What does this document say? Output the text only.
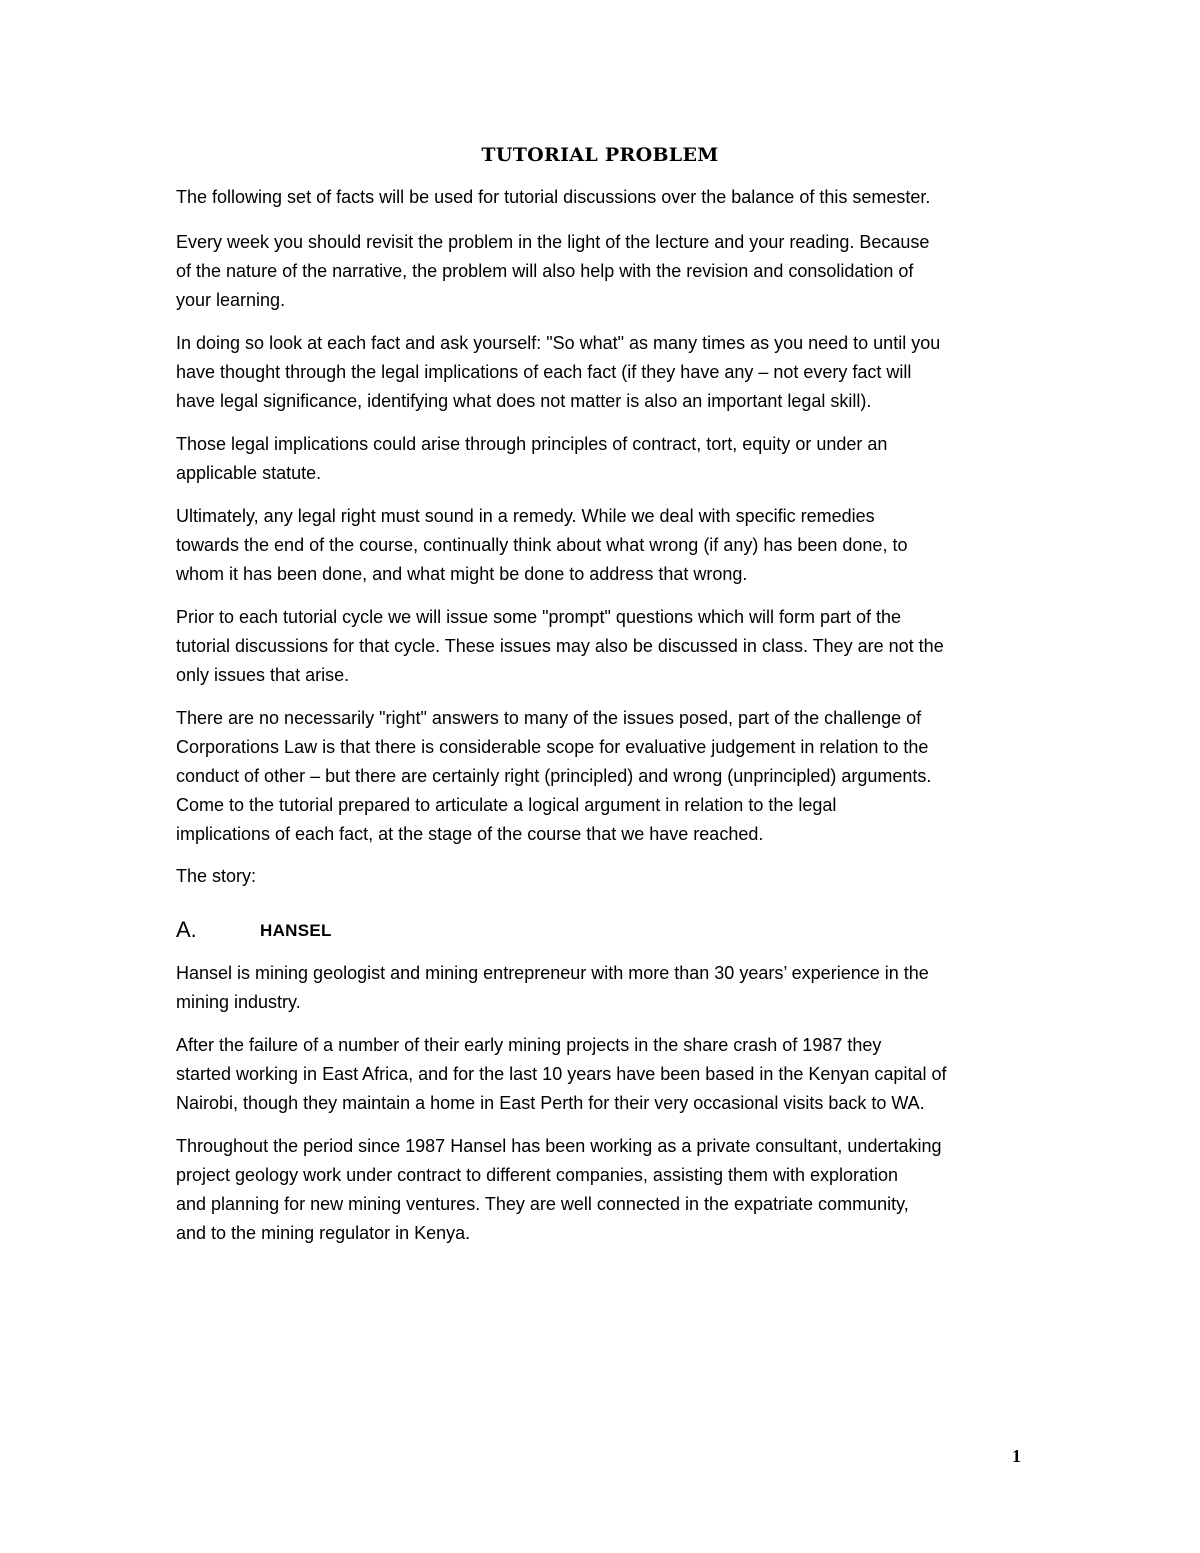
TUTORIAL PROBLEM
The following set of facts will be used for tutorial discussions over the balance of this semester.
Every week you should revisit the problem in the light of the lecture and your reading. Because
of the nature of the narrative, the problem will also help with the revision and consolidation of
your learning.
In doing so look at each fact and ask yourself: "So what" as many times as you need to until you
have thought through the legal implications of each fact (if they have any – not every fact will
have legal significance, identifying what does not matter is also an important legal skill).
Those legal implications could arise through principles of contract, tort, equity or under an
applicable statute.
Ultimately, any legal right must sound in a remedy. While we deal with specific remedies
towards the end of the course, continually think about what wrong (if any) has been done, to
whom it has been done, and what might be done to address that wrong.
Prior to each tutorial cycle we will issue some "prompt" questions which will form part of the
tutorial discussions for that cycle. These issues may also be discussed in class. They are not the
only issues that arise.
There are no necessarily "right" answers to many of the issues posed, part of the challenge of
Corporations Law is that there is considerable scope for evaluative judgement in relation to the
conduct of other – but there are certainly right (principled) and wrong (unprincipled) arguments.
Come to the tutorial prepared to articulate a logical argument in relation to the legal
implications of each fact, at the stage of the course that we have reached.
The story:
A.	HANSEL
Hansel is mining geologist and mining entrepreneur with more than 30 years’ experience in the
mining industry.
After the failure of a number of their early mining projects in the share crash of 1987 they
started working in East Africa, and for the last 10 years have been based in the Kenyan capital of
Nairobi, though they maintain a home in East Perth for their very occasional visits back to WA.
Throughout the period since 1987 Hansel has been working as a private consultant, undertaking
project geology work under contract to different companies, assisting them with exploration
and planning for new mining ventures. They are well connected in the expatriate community,
and to the mining regulator in Kenya.
1
